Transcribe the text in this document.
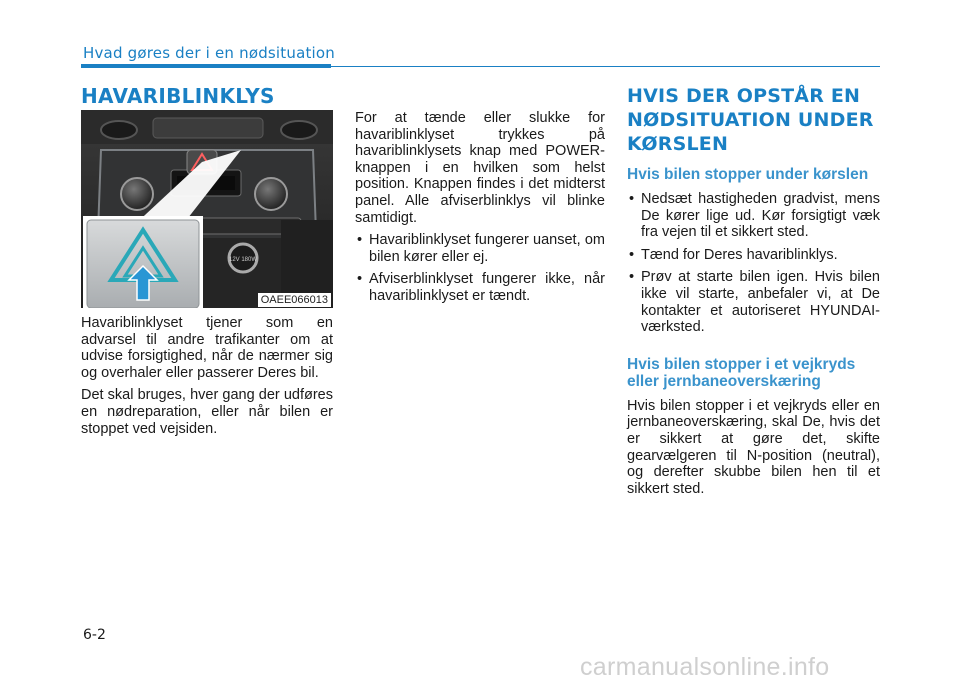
Hvad gøres der i en nødsituation
HAVARIBLINKLYS
12V 180W
OAEE066013

Havariblinklyset tjener som en advarsel til andre trafikanter om at udvise forsigtighed, når de nærmer sig og overhaler eller passerer Deres bil.

Det skal bruges, hver gang der udføres en nødreparation, eller når bilen er stoppet ved vejsiden.

For at tænde eller slukke for havariblinklyset trykkes på havariblinklysets knap med POWER-knappen i en hvilken som helst position. Knappen findes i det midterst panel. Alle afviserblinklys vil blinke samtidigt.

• Havariblinklyset fungerer uanset, om bilen kører eller ej.
• Afviserblinklyset fungerer ikke, når havariblinklyset er tændt.
HVIS DER OPSTÅR EN NØDSITUATION UNDER KØRSLEN
Hvis bilen stopper under kørslen
• Nedsæt hastigheden gradvist, mens De kører lige ud. Kør forsigtigt væk fra vejen til et sikkert sted.
• Tænd for Deres havariblinklys.
• Prøv at starte bilen igen. Hvis bilen ikke vil starte, anbefaler vi, at De kontakter et autoriseret HYUNDAI-værksted.
Hvis bilen stopper i et vejkryds eller jernbaneoverskæring

Hvis bilen stopper i et vejkryds eller en jernbaneoverskæring, skal De, hvis det er sikkert at gøre det, skifte gearvælgeren til N-position (neutral), og derefter skubbe bilen hen til et sikkert sted.

6-2
carmanualsonline.info
